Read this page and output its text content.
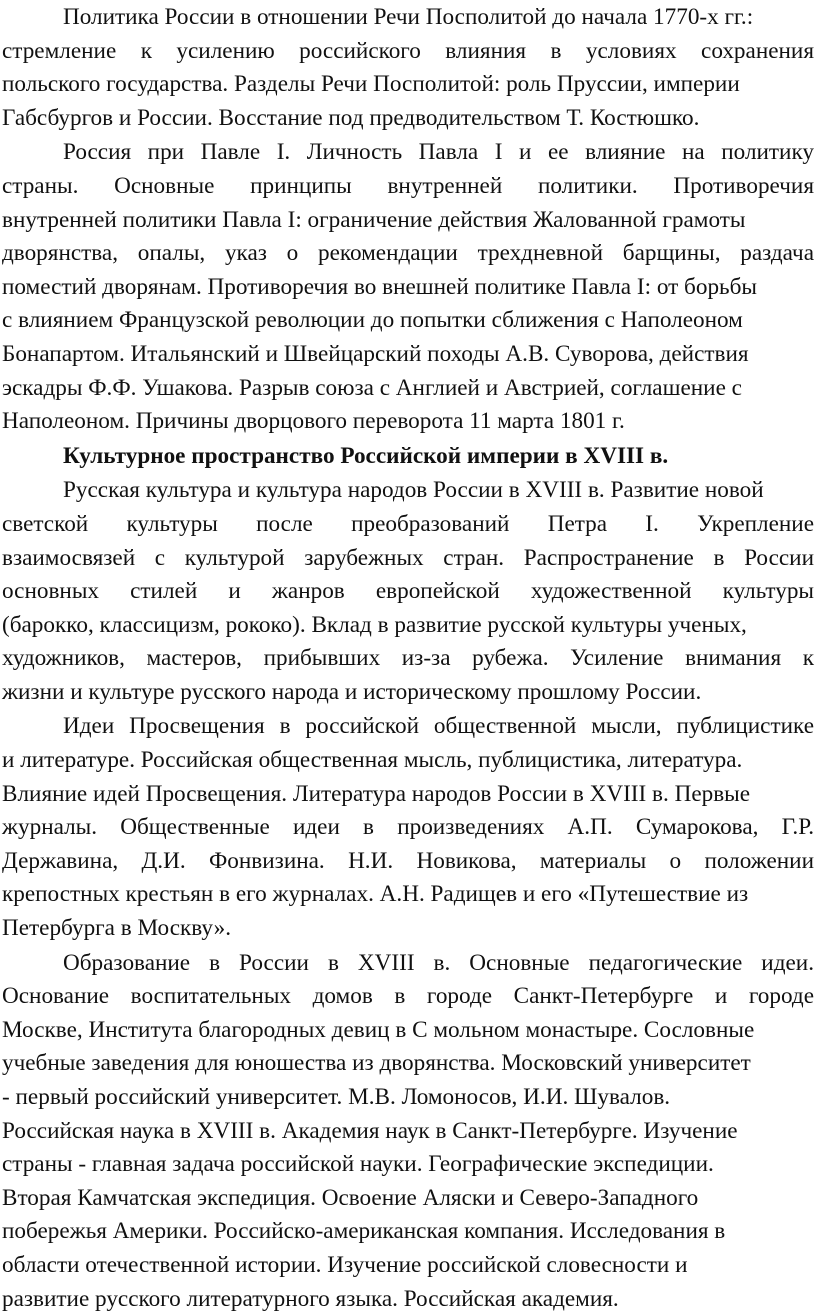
Политика России в отношении Речи Посполитой до начала 1770-х гг.:
стремление к усилению российского влияния в условиях сохранения
польского государства. Разделы Речи Посполитой: роль Пруссии, империи
Габсбургов и России. Восстание под предводительством Т. Костюшко.
Россия при Павле I. Личность Павла I и ее влияние на политику
страны. Основные принципы внутренней политики. Противоречия
внутренней политики Павла I: ограничение действия Жалованной грамоты
дворянства, опалы, указ о рекомендации трехдневной барщины, раздача
поместий дворянам. Противоречия во внешней политике Павла I: от борьбы
с влиянием Французской революции до попытки сближения с Наполеоном
Бонапартом. Итальянский и Швейцарский походы А.В. Суворова, действия
эскадры Ф.Ф. Ушакова. Разрыв союза с Англией и Австрией, соглашение с
Наполеоном. Причины дворцового переворота 11 марта 1801 г.
Культурное пространство Российской империи в XVIII в.
Русская культура и культура народов России в XVIII в. Развитие новой
светской культуры после преобразований Петра I. Укрепление
взаимосвязей с культурой зарубежных стран. Распространение в России
основных стилей и жанров европейской художественной культуры
(барокко, классицизм, рококо). Вклад в развитие русской культуры ученых,
художников, мастеров, прибывших из-за рубежа. Усиление внимания к
жизни и культуре русского народа и историческому прошлому России.
Идеи Просвещения в российской общественной мысли, публицистике
и литературе. Российская общественная мысль, публицистика, литература.
Влияние идей Просвещения. Литература народов России в XVIII в. Первые
журналы. Общественные идеи в произведениях А.П. Сумарокова, Г.Р.
Державина, Д.И. Фонвизина. Н.И. Новикова, материалы о положении
крепостных крестьян в его журналах. А.Н. Радищев и его «Путешествие из
Петербурга в Москву».
Образование в России в XVIII в. Основные педагогические идеи.
Основание воспитательных домов в городе Санкт-Петербурге и городе
Москве, Института благородных девиц в С мольном монастыре. Сословные
учебные заведения для юношества из дворянства. Московский университет
- первый российский университет. М.В. Ломоносов, И.И. Шувалов.
Российская наука в XVIII в. Академия наук в Санкт-Петербурге. Изучение
страны - главная задача российской науки. Географические экспедиции.
Вторая Камчатская экспедиция. Освоение Аляски и Северо-Западного
побережья Америки. Российско-американская компания. Исследования в
области отечественной истории. Изучение российской словесности и
развитие русского литературного языка. Российская академия.
